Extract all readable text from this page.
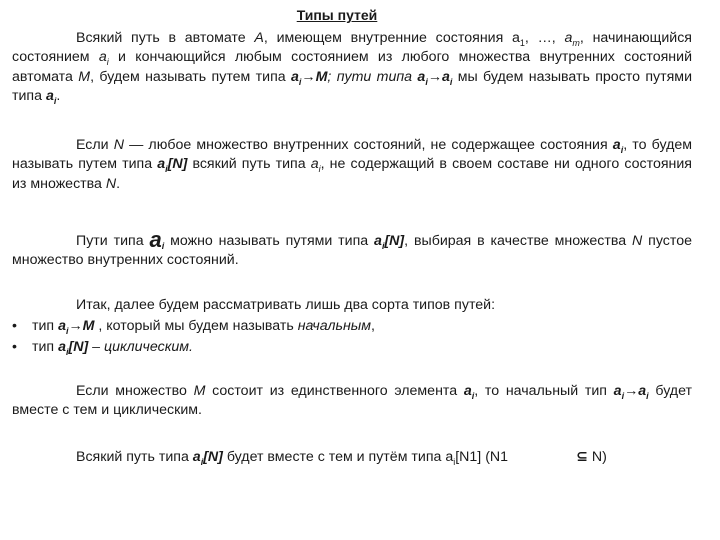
Типы путей
Всякий путь в автомате A, имеющем внутренние состояния $a_1$, …, $a_m$, начинающийся состоянием $a_i$ и кончающийся любым состоянием из любого множества внутренних состояний автомата M, будем называть путем типа $a_i\to M$; пути типа $a_i\to a_i$ мы будем называть просто путями типа $a_i$.
Если N — любое множество внутренних состояний, не содержащее состояния $a_i$, то будем называть путем типа $a_i[N]$ всякий путь типа $a_i$, не содержащий в своем составе ни одного состояния из множества N.
Пути типа $a_i$ можно называть путями типа $a_i[N]$, выбирая в качестве множества N пустое множество внутренних состояний.
Итак, далее будем рассматривать лишь два сорта типов путей:
• тип $a_i\to M$ , который мы будем называть начальным,
• тип $a_i[N]$ – циклическим.
Если множество M состоит из единственного элемента $a_i$, то начальный тип $a_i\to a_i$ будет вместе с тем и циклическим.
Всякий путь типа $a_i[N]$ будет вместе с тем и путём типа $a_i[N1]$ (N1	⊆ N)
